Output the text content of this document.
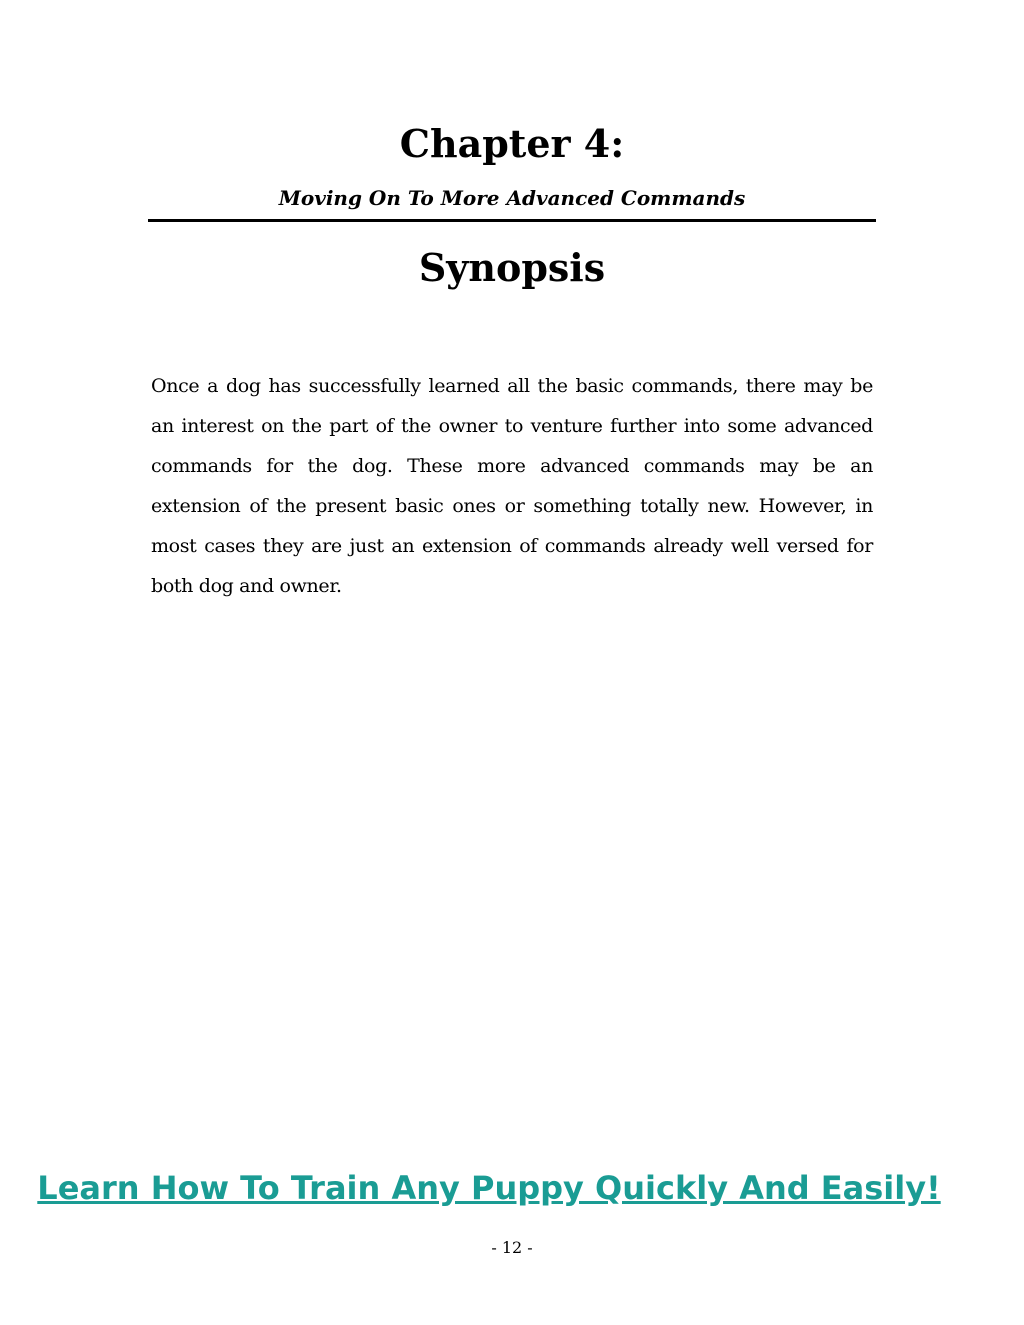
Chapter 4:
Moving On To More Advanced Commands
Synopsis

Once a dog has successfully learned all the basic commands, there may be an interest on the part of the owner to venture further into some advanced commands for the dog. These more advanced commands may be an extension of the present basic ones or something totally new. However, in most cases they are just an extension of commands already well versed for both dog and owner.

Learn How To Train Any Puppy Quickly And Easily!
- 12 -
